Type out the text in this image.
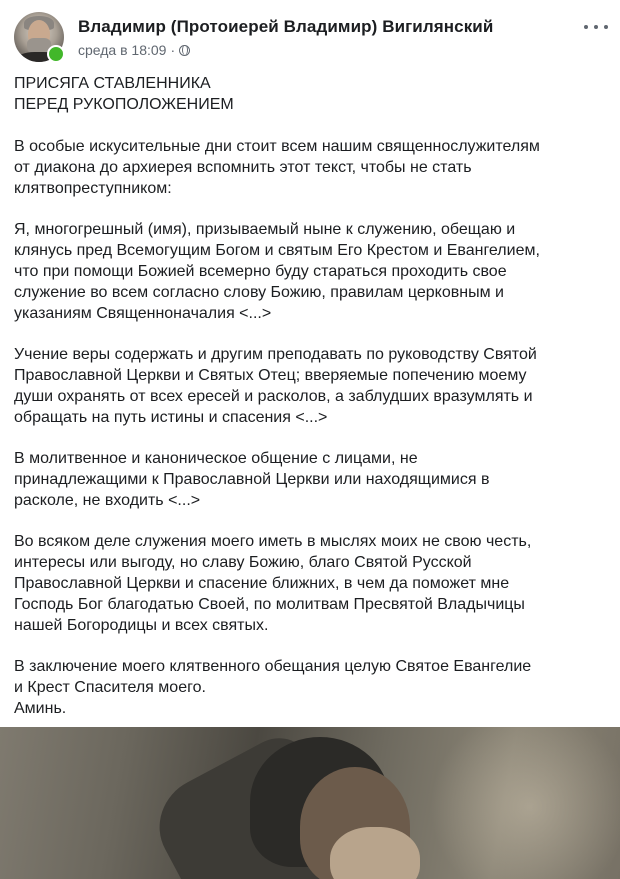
Владимир (Протоиерей Владимир) Вигилянский
среда в 18:09 ·

ПРИСЯГА СТАВЛЕННИКА
ПЕРЕД РУКОПОЛОЖЕНИЕМ

В особые искусительные дни стоит всем нашим священнослужителям
от диакона до архиерея вспомнить этот текст, чтобы не стать
клятвопреступником:

Я, многогрешный (имя), призываемый ныне к служению, обещаю и
клянусь пред Всемогущим Богом и святым Его Крестом и Евангелием,
что при помощи Божией всемерно буду стараться проходить свое
служение во всем согласно слову Божию, правилам церковным и
указаниям Священноначалия <...>

Учение веры содержать и другим преподавать по руководству Святой
Православной Церкви и Святых Отец; вверяемые попечению моему
души охранять от всех ересей и расколов, а заблудших вразумлять и
обращать на путь истины и спасения <...>

В молитвенное и каноническое общение с лицами, не
принадлежащими к Православной Церкви или находящимися в
расколе, не входить <...>

Во всяком деле служения моего иметь в мыслях моих не свою честь,
интересы или выгоду, но славу Божию, благо Святой Русской
Православной Церкви и спасение ближних, в чем да поможет мне
Господь Бог благодатью Своей, по молитвам Пресвятой Владычицы
нашей Богородицы и всех святых.

В заключение моего клятвенного обещания целую Святое Евангелие
и Крест Спасителя моего.
Аминь.
